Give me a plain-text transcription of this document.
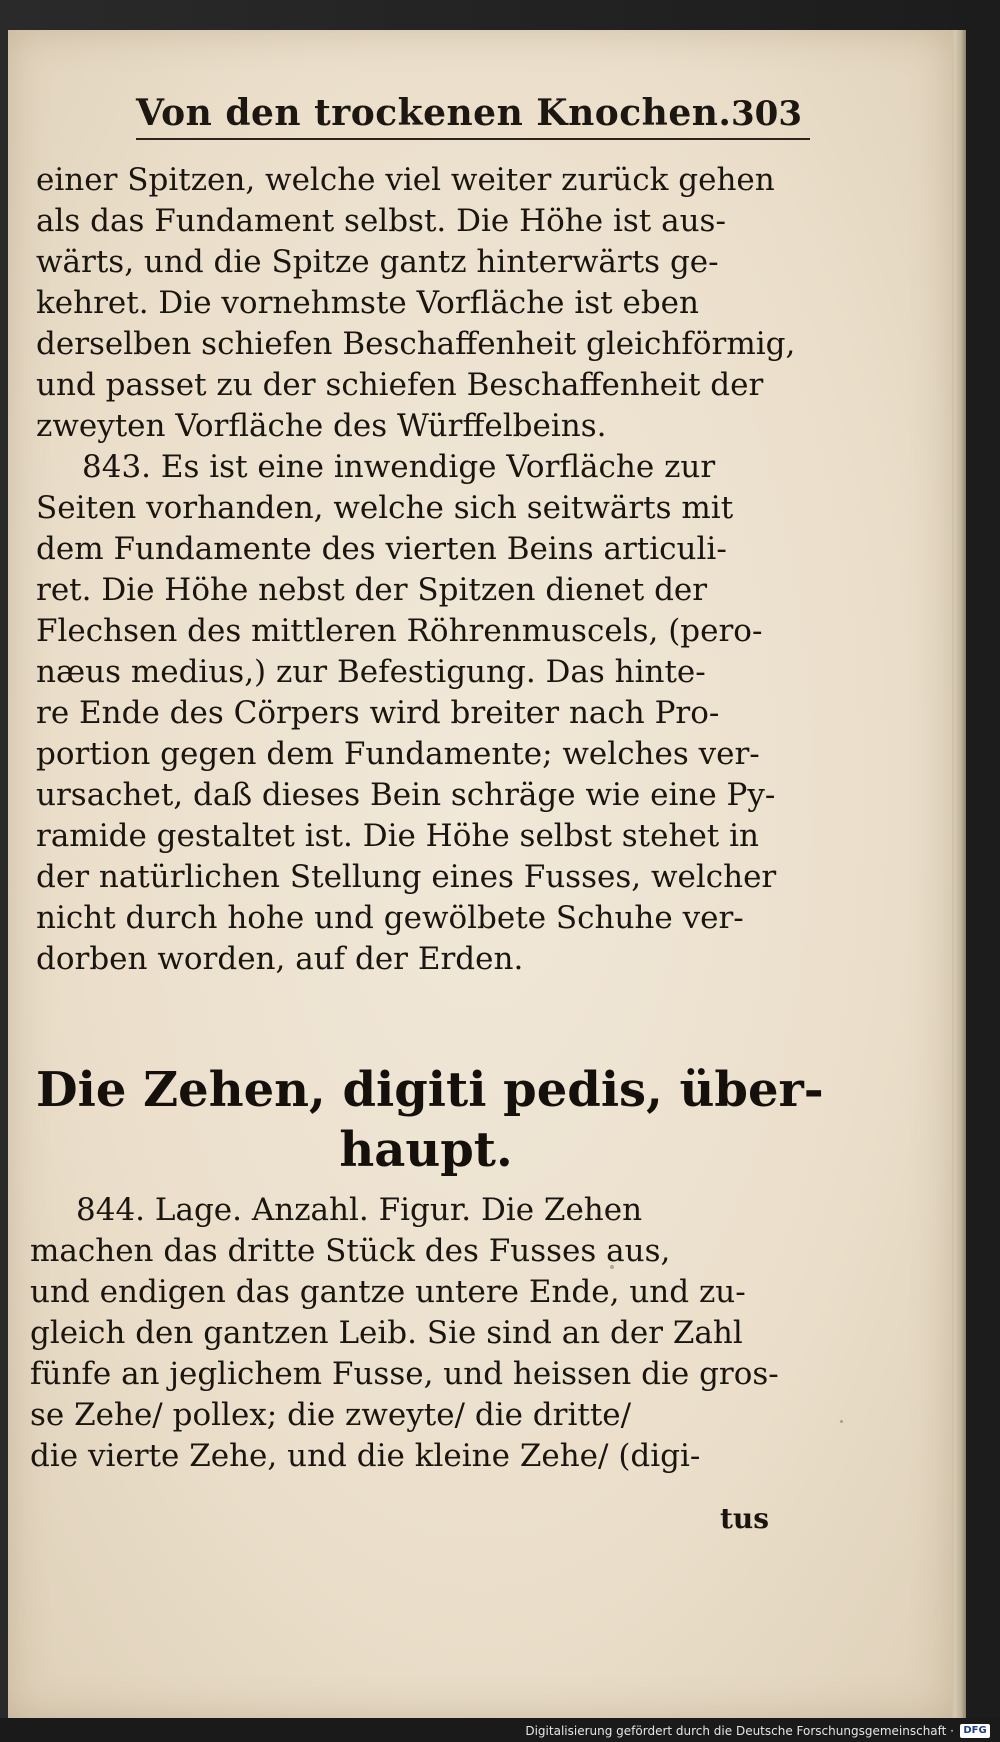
Von den trockenen Knochen. 303
einer Spitzen, welche viel weiter zurück gehen
als das Fundament selbst. Die Höhe ist aus-
wärts, und die Spitze gantz hinterwärts ge-
kehret. Die vornehmste Vorfläche ist eben
derselben schiefen Beschaffenheit gleichförmig,
und passet zu der schiefen Beschaffenheit der
zweyten Vorfläche des Würffelbeins.
843. Es ist eine inwendige Vorfläche zur
Seiten vorhanden, welche sich seitwärts mit
dem Fundamente des vierten Beins articuli-
ret. Die Höhe nebst der Spitzen dienet der
Flechsen des mittleren Röhrenmuscels, (pero-
næus medius,) zur Befestigung. Das hinte-
re Ende des Cörpers wird breiter nach Pro-
portion gegen dem Fundamente; welches ver-
ursachet, daß dieses Bein schräge wie eine Py-
ramide gestaltet ist. Die Höhe selbst stehet in
der natürlichen Stellung eines Fusses, welcher
nicht durch hohe und gewölbete Schuhe ver-
dorben worden, auf der Erden.
Die Zehen, digiti pedis, über-
haupt.
844. Lage. Anzahl. Figur. Die Zehen
machen das dritte Stück des Fusses aus,
und endigen das gantze untere Ende, und zu-
gleich den gantzen Leib. Sie sind an der Zahl
fünfe an jeglichem Fusse, und heissen die gros-
se Zehe/ pollex; die zweyte/ die dritte/
die vierte Zehe, und die kleine Zehe/ (digi-
tus
Digitalisierung gefördert durch die Deutsche Forschungsgemeinschaft · DFG
